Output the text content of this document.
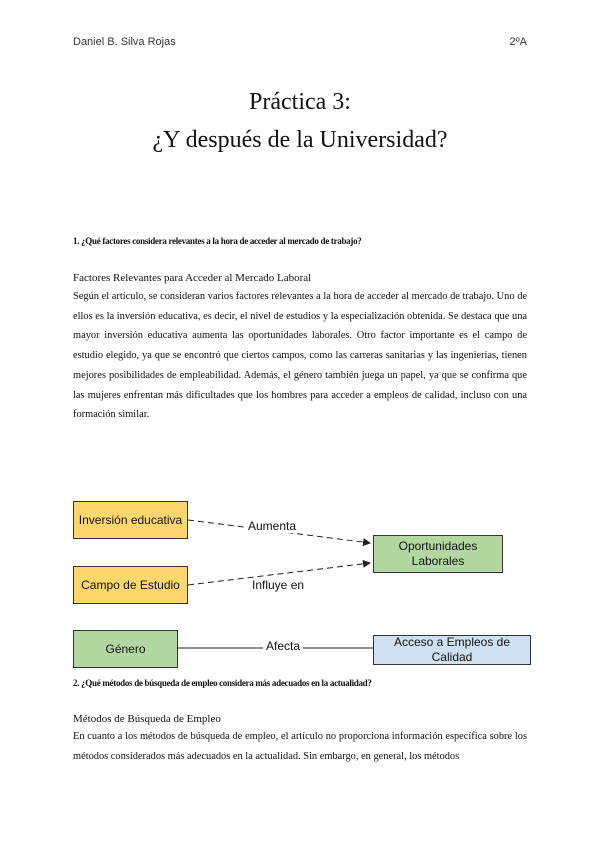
Daniel B. Silva Rojas	2ºA
Práctica 3:
¿Y después de la Universidad?
1. ¿Qué factores considera relevantes a la hora de acceder al mercado de trabajo?
Factores Relevantes para Acceder al Mercado Laboral
Según el artículo, se consideran varios factores relevantes a la hora de acceder al mercado de trabajo. Uno de ellos es la inversión educativa, es decir, el nivel de estudios y la especialización obtenida. Se destaca que una mayor inversión educativa aumenta las oportunidades laborales. Otro factor importante es el campo de estudio elegido, ya que se encontró que ciertos campos, como las carreras sanitarias y las ingenierías, tienen mejores posibilidades de empleabilidad. Además, el género también juega un papel, ya que se confirma que las mujeres enfrentan más dificultades que los hombres para acceder a empleos de calidad, incluso con una formación similar.
Inversión educativa
Campo de Estudio
Oportunidades Laborales
Género	Acceso a Empleos de Calidad
Aumenta
Influye en
Afecta
2. ¿Qué métodos de búsqueda de empleo considera más adecuados en la actualidad?
Métodos de Búsqueda de Empleo
En cuanto a los métodos de búsqueda de empleo, el artículo no proporciona información específica sobre los métodos considerados más adecuados en la actualidad. Sin embargo, en general, los métodos
